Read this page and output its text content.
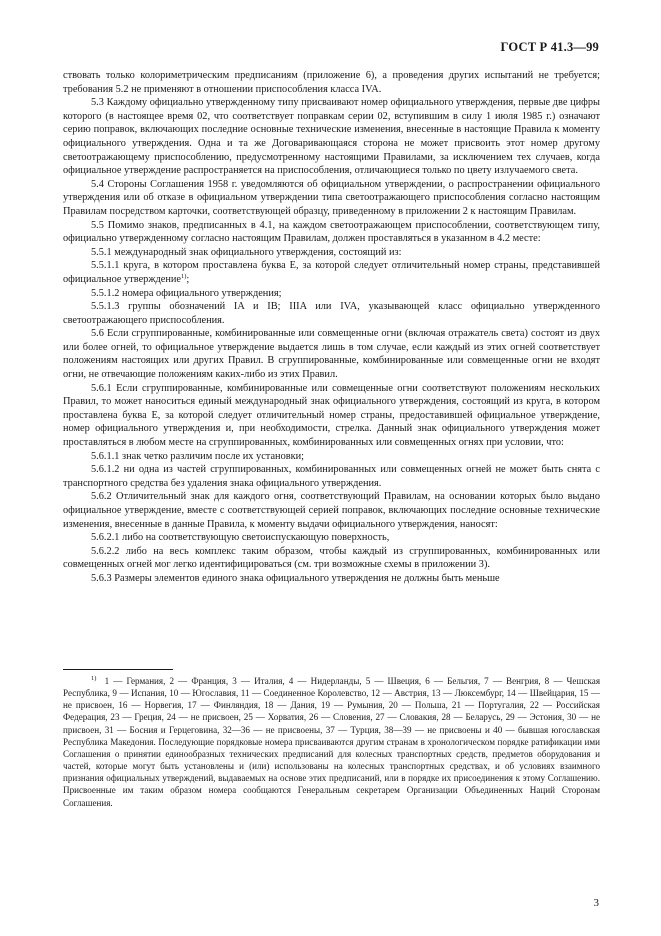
ГОСТ Р 41.3—99

ствовать только колориметрическим предписаниям (приложение 6), а проведения других испытаний не требуется; требования 5.2 не применяют в отношении приспособления класса IVA.

5.3 Каждому официально утвержденному типу присваивают номер официального утверждения, первые две цифры которого (в настоящее время 02, что соответствует поправкам серии 02, вступившим в силу 1 июля 1985 г.) означают серию поправок, включающих последние основные технические изменения, внесенные в настоящие Правила к моменту официального утверждения. Одна и та же Договаривающаяся сторона не может присвоить этот номер другому светоотражающему приспособлению, предусмотренному настоящими Правилами, за исключением тех случаев, когда официальное утверждение распространяется на приспособления, отличающиеся только по цвету излучаемого света.

5.4 Стороны Соглашения 1958 г. уведомляются об официальном утверждении, о распространении официального утверждения или об отказе в официальном утверждении типа светоотражающего приспособления согласно настоящим Правилам посредством карточки, соответствующей образцу, приведенному в приложении 2 к настоящим Правилам.

5.5 Помимо знаков, предписанных в 4.1, на каждом светоотражающем приспособлении, соответствующем типу, официально утвержденному согласно настоящим Правилам, должен проставляться в указанном в 4.2 месте:

5.5.1 международный знак официального утверждения, состоящий из:

5.5.1.1 круга, в котором проставлена буква Е, за которой следует отличительный номер страны, представившей официальное утверждение$^{1)}$;

5.5.1.2 номера официального утверждения;

5.5.1.3 группы обозначений IA и IB; IIIA или IVA, указывающей класс официально утвержденного светоотражающего приспособления.

5.6 Если сгруппированные, комбинированные или совмещенные огни (включая отражатель света) состоят из двух или более огней, то официальное утверждение выдается лишь в том случае, если каждый из этих огней соответствует положениям настоящих или других Правил. В сгруппированные, комбинированные или совмещенные огни не входят огни, не отвечающие положениям каких-либо из этих Правил.

5.6.1 Если сгруппированные, комбинированные или совмещенные огни соответствуют положениям нескольких Правил, то может наноситься единый международный знак официального утверждения, состоящий из круга, в котором проставлена буква Е, за которой следует отличительный номер страны, предоставившей официальное утверждение, номер официального утверждения и, при необходимости, стрелка. Данный знак официального утверждения может проставляться в любом месте на сгруппированных, комбинированных или совмещенных огнях при условии, что:

5.6.1.1 знак четко различим после их установки;

5.6.1.2 ни одна из частей сгруппированных, комбинированных или совмещенных огней не может быть снята с транспортного средства без удаления знака официального утверждения.

5.6.2 Отличительный знак для каждого огня, соответствующий Правилам, на основании которых было выдано официальное утверждение, вместе с соответствующей серией поправок, включающих последние основные технические изменения, внесенные в данные Правила, к моменту выдачи официального утверждения, наносят:

5.6.2.1 либо на соответствующую светоиспускающую поверхность,

5.6.2.2 либо на весь комплекс таким образом, чтобы каждый из сгруппированных, комбинированных или совмещенных огней мог легко идентифицироваться (см. три возможные схемы в приложении 3).

5.6.3 Размеры элементов единого знака официального утверждения не должны быть меньше

$^{1)}$ 1 — Германия, 2 — Франция, 3 — Италия, 4 — Нидерланды, 5 — Швеция, 6 — Бельгия, 7 — Венгрия, 8 — Чешская Республика, 9 — Испания, 10 — Югославия, 11 — Соединенное Королевство, 12 — Австрия, 13 — Люксембург, 14 — Швейцария, 15 — не присвоен, 16 — Норвегия, 17 — Финляндия, 18 — Дания, 19 — Румыния, 20 — Польша, 21 — Португалия, 22 — Российская Федерация, 23 — Греция, 24 — не присвоен, 25 — Хорватия, 26 — Словения, 27 — Словакия, 28 — Беларусь, 29 — Эстония, 30 — не присвоен, 31 — Босния и Герцеговина, 32—36 — не присвоены, 37 — Турция, 38—39 — не присвоены и 40 — бывшая югославская Республика Македония. Последующие порядковые номера присваиваются другим странам в хронологическом порядке ратификации ими Соглашения о принятии единообразных технических предписаний для колесных транспортных средств, предметов оборудования и частей, которые могут быть установлены и (или) использованы на колесных транспортных средствах, и об условиях взаимного признания официальных утверждений, выдаваемых на основе этих предписаний, или в порядке их присоединения к этому Соглашению. Присвоенные им таким образом номера сообщаются Генеральным секретарем Организации Объединенных Наций Сторонам Соглашения.

3
